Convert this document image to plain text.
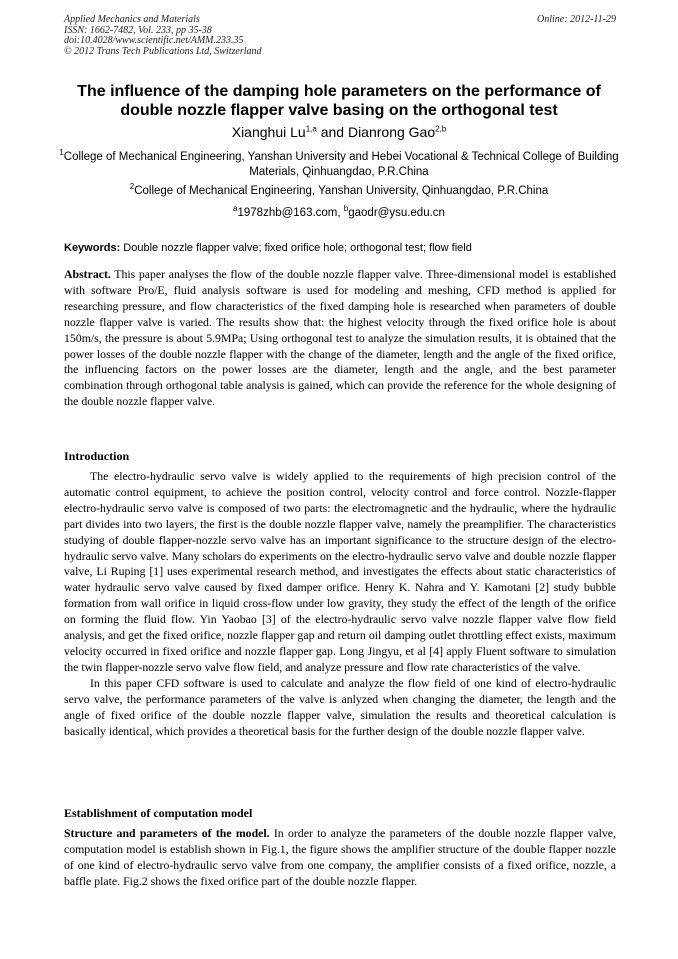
Applied Mechanics and Materials
ISSN: 1662-7482, Vol. 233, pp 35-38
doi:10.4028/www.scientific.net/AMM.233.35
© 2012 Trans Tech Publications Ltd, Switzerland
Online: 2012-11-29
The influence of the damping hole parameters on the performance of
double nozzle flapper valve basing on the orthogonal test
Xianghui Lu$^{1,a}$ and Dianrong Gao$^{2,b}$
$^1$College of Mechanical Engineering, Yanshan University and Hebei Vocational & Technical College of Building Materials, Qinhuangdao, P.R.China
$^2$College of Mechanical Engineering, Yanshan University, Qinhuangdao, P.R.China
$^a$1978zhb@163.com, $^b$gaodr@ysu.edu.cn
Keywords: Double nozzle flapper valve; fixed orifice hole; orthogonal test; flow field
Abstract. This paper analyses the flow of the double nozzle flapper valve. Three-dimensional model is established with software Pro/E, fluid analysis software is used for modeling and meshing, CFD method is applied for researching pressure, and flow characteristics of the fixed damping hole is researched when parameters of double nozzle flapper valve is varied. The results show that: the highest velocity through the fixed orifice hole is about 150m/s, the pressure is about 5.9MPa; Using orthogonal test to analyze the simulation results, it is obtained that the power losses of the double nozzle flapper with the change of the diameter, length and the angle of the fixed orifice, the influencing factors on the power losses are the diameter, length and the angle, and the best parameter combination through orthogonal table analysis is gained, which can provide the reference for the whole designing of the double nozzle flapper valve.
Introduction

The electro-hydraulic servo valve is widely applied to the requirements of high precision control of the automatic control equipment, to achieve the position control, velocity control and force control. Nozzle-flapper electro-hydraulic servo valve is composed of two parts: the electromagnetic and the hydraulic, where the hydraulic part divides into two layers, the first is the double nozzle flapper valve, namely the preamplifier. The characteristics studying of double flapper-nozzle servo valve has an important significance to the structure design of the electro-hydraulic servo valve. Many scholars do experiments on the electro-hydraulic servo valve and double nozzle flapper valve, Li Ruping [1] uses experimental research method, and investigates the effects about static characteristics of water hydraulic servo valve caused by fixed damper orifice. Henry K. Nahra and Y. Kamotani [2] study bubble formation from wall orifice in liquid cross-flow under low gravity, they study the effect of the length of the orifice on forming the fluid flow. Yin Yaobao [3] of the electro-hydraulic servo valve nozzle flapper valve flow field analysis, and get the fixed orifice, nozzle flapper gap and return oil damping outlet throttling effect exists, maximum velocity occurred in fixed orifice and nozzle flapper gap. Long Jingyu, et al [4] apply Fluent software to simulation the twin flapper-nozzle servo valve flow field, and analyze pressure and flow rate characteristics of the valve.

In this paper CFD software is used to calculate and analyze the flow field of one kind of electro-hydraulic servo valve, the performance parameters of the valve is anlyzed when changing the diameter, the length and the angle of fixed orifice of the double nozzle flapper valve, simulation the results and theoretical calculation is basically identical, which provides a theoretical basis for the further design of the double nozzle flapper valve.

Establishment of computation model
Structure and parameters of the model. In order to analyze the parameters of the double nozzle flapper valve, computation model is establish shown in Fig.1, the figure shows the amplifier structure of the double flapper nozzle of one kind of electro-hydraulic servo valve from one company, the amplifier consists of a fixed orifice, nozzle, a baffle plate. Fig.2 shows the fixed orifice part of the double nozzle flapper.
